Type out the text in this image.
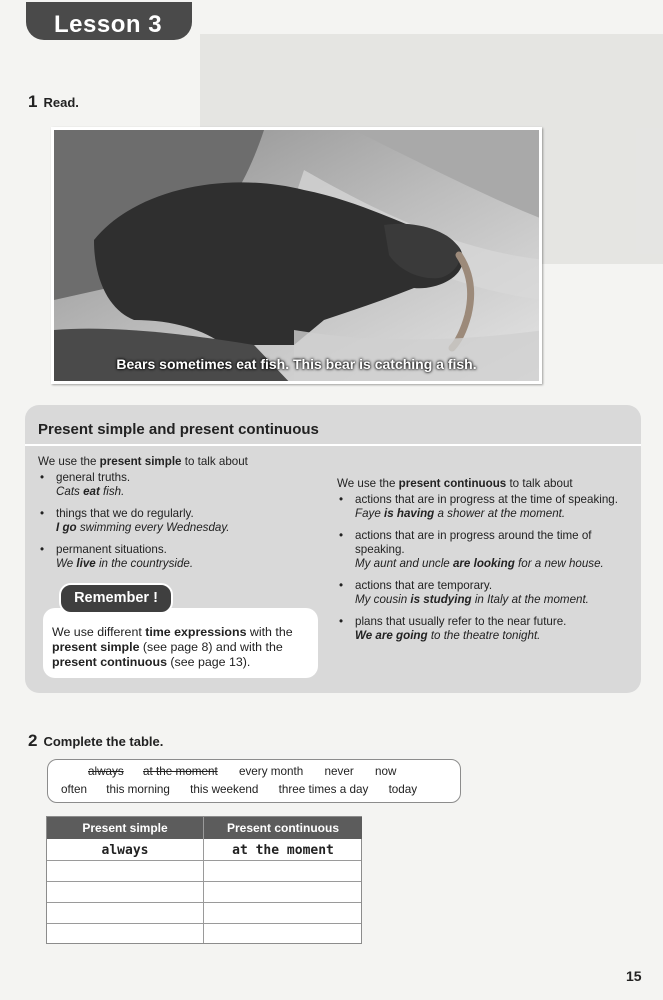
Lesson 3
1 Read.
Bears sometimes eat fish. This bear is catching a fish.
Present simple and present continuous
We use the present simple to talk about
• general truths.
Cats eat fish.
• things that we do regularly.
I go swimming every Wednesday.
• permanent situations.
We live in the countryside.
We use the present continuous to talk about
• actions that are in progress at the time of speaking.
Faye is having a shower at the moment.
• actions that are in progress around the time of speaking.
My aunt and uncle are looking for a new house.
• actions that are temporary.
My cousin is studying in Italy at the moment.
• plans that usually refer to the near future.
We are going to the theatre tonight.
Remember !
We use different time expressions with the present simple (see page 8) and with the present continuous (see page 13).
2 Complete the table.
always at the moment every month never now
often this morning this weekend three times a day today
Present simple	Present continuous
always	at the moment
15
